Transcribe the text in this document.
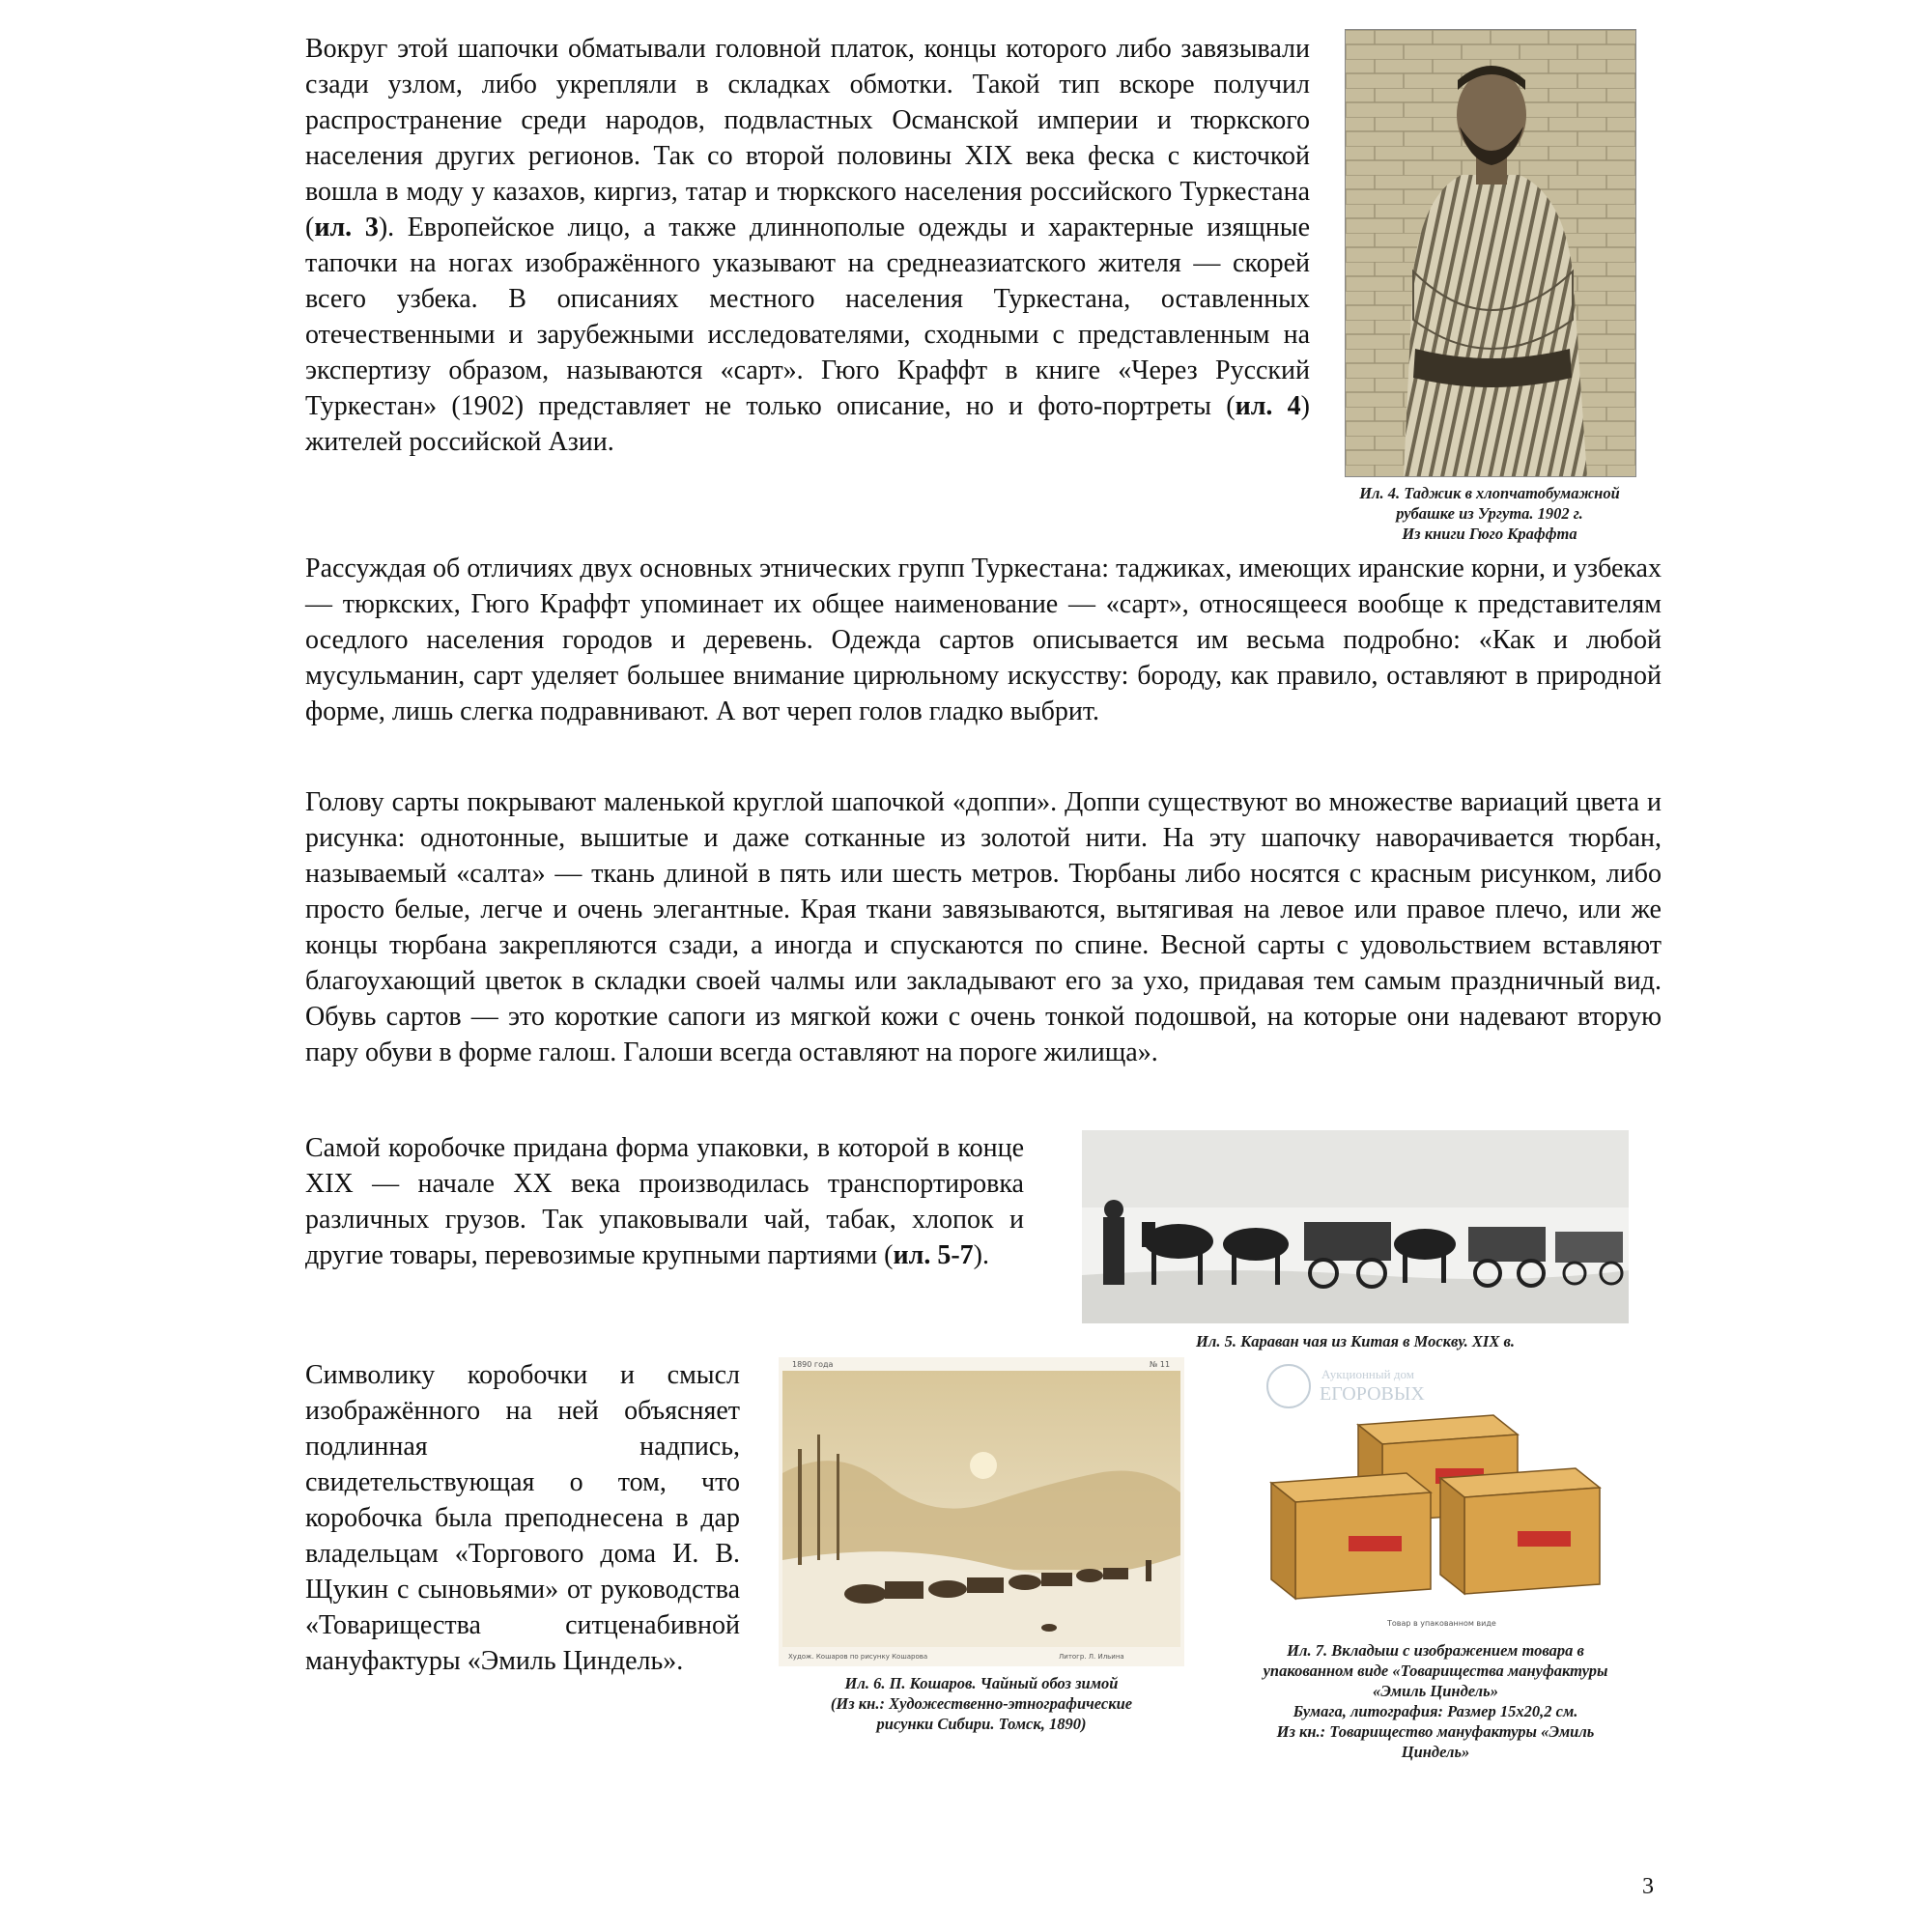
Вокруг этой шапочки обматывали головной платок, концы которого либо завязывали сзади узлом, либо укрепляли в складках обмотки. Такой тип вскоре получил распространение среди народов, подвластных Османской империи и тюркского населения других регионов. Так со второй половины XIX века феска с кисточкой вошла в моду у казахов, киргиз, татар и тюркского населения российского Туркестана (ил. 3). Европейское лицо, а также длиннополые одежды и характерные изящные тапочки на ногах изображённого указывают на среднеазиатского жителя — скорей всего узбека. В описаниях местного населения Туркестана, оставленных отечественными и зарубежными исследователями, сходными с представленным на экспертизу образом, называются «сарт». Гюго Краффт в книге «Через Русский Туркестан» (1902) представляет не только описание, но и фото-портреты (ил. 4) жителей российской Азии.

Ил. 4. Таджик в хлопчатобумажной
рубашке из Ургута. 1902 г.
Из книги Гюго Краффта

Рассуждая об отличиях двух основных этнических групп Туркестана: таджиках, имеющих иранские корни, и узбеках — тюркских, Гюго Краффт упоминает их общее наименование — «сарт», относящееся вообще к представителям оседлого населения городов и деревень. Одежда сартов описывается им весьма подробно: «Как и любой мусульманин, сарт уделяет большее внимание цирюльному искусству: бороду, как правило, оставляют в природной форме, лишь слегка подравнивают. А вот череп голов гладко выбрит.

Голову сарты покрывают маленькой круглой шапочкой «доппи». Доппи существуют во множестве вариаций цвета и рисунка: однотонные, вышитые и даже сотканные из золотой нити. На эту шапочку наворачивается тюрбан, называемый «салта» — ткань длиной в пять или шесть метров. Тюрбаны либо носятся с красным рисунком, либо просто белые, легче и очень элегантные. Края ткани завязываются, вытягивая на левое или правое плечо, или же концы тюрбана закрепляются сзади, а иногда и спускаются по спине. Весной сарты с удовольствием вставляют благоухающий цветок в складки своей чалмы или закладывают его за ухо, придавая тем самым праздничный вид. Обувь сартов — это короткие сапоги из мягкой кожи с очень тонкой подошвой, на которые они надевают вторую пару обуви в форме галош. Галоши всегда оставляют на пороге жилища».

Самой коробочке придана форма упаковки, в которой в конце XIX — начале XX века производилась транспортировка различных грузов. Так упаковывали чай, табак, хлопок и другие товары, перевозимые крупными партиями (ил. 5-7).

Ил. 5. Караван чая из Китая в Москву. XIX в.

Символику коробочки и смысл изображённого на ней объясняет подлинная надпись, свидетельствующая о том, что коробочка была преподнесена в дар владельцам «Торгового дома И. В. Щукин с сыновьями» от руководства «Товарищества ситценабивной мануфактуры «Эмиль Циндель».

1890 года	№ 11
Худож. Кошаров по рисунку Кошарова	Литогр. Л. Ильина

Ил. 6. П. Кошаров. Чайный обоз зимой
(Из кн.: Художественно-этнографические
рисунки Сибири. Томск, 1890)

Аукционный дом
ЕГОРОВЫХ
Товар в упакованном виде

Ил. 7. Вкладыш с изображением товара в
упакованном виде «Товарищества мануфактуры
«Эмиль Циндель»
Бумага, литография: Размер 15х20,2 см.
Из кн.: Товарищество мануфактуры «Эмиль
Циндель»

3
